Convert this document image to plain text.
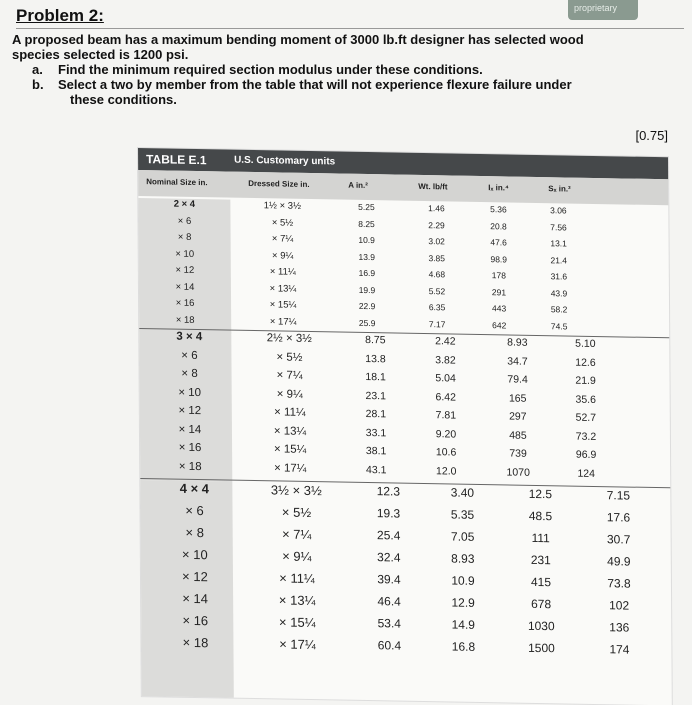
proprietary
Problem 2:

A proposed beam has a maximum bending moment of 3000 lb.ft designer has selected wood

species selected is 1200 psi.

a. Find the minimum required section modulus under these conditions.

b. Select a two by member from the table that will not experience flexure failure under

these conditions.

[0.75]
TABLE E.1	U.S. Customary units
Nominal Size in.	Dressed Size in.	A in.²	Wt. lb/ft	Iₓ in.⁴	Sₓ in.³
2 × 4	1½ × 3½	5.25	1.46	5.36	3.06
× 6	× 5½	8.25	2.29	20.8	7.56
× 8	× 7¼	10.9	3.02	47.6	13.1
× 10	× 9¼	13.9	3.85	98.9	21.4
× 12	× 11¼	16.9	4.68	178	31.6
× 14	× 13¼	19.9	5.52	291	43.9
× 16	× 15¼	22.9	6.35	443	58.2
× 18	× 17¼	25.9	7.17	642	74.5
3 × 4	2½ × 3½	8.75	2.42	8.93	5.10
× 6	× 5½	13.8	3.82	34.7	12.6
× 8	× 7¼	18.1	5.04	79.4	21.9
× 10	× 9¼	23.1	6.42	165	35.6
× 12	× 11¼	28.1	7.81	297	52.7
× 14	× 13¼	33.1	9.20	485	73.2
× 16	× 15¼	38.1	10.6	739	96.9
× 18	× 17¼	43.1	12.0	1070	124
4 × 4	3½ × 3½	12.3	3.40	12.5	7.15
× 6	× 5½	19.3	5.35	48.5	17.6
× 8	× 7¼	25.4	7.05	111	30.7
× 10	× 9¼	32.4	8.93	231	49.9
× 12	× 11¼	39.4	10.9	415	73.8
× 14	× 13¼	46.4	12.9	678	102
× 16	× 15¼	53.4	14.9	1030	136
× 18	× 17¼	60.4	16.8	1500	174
